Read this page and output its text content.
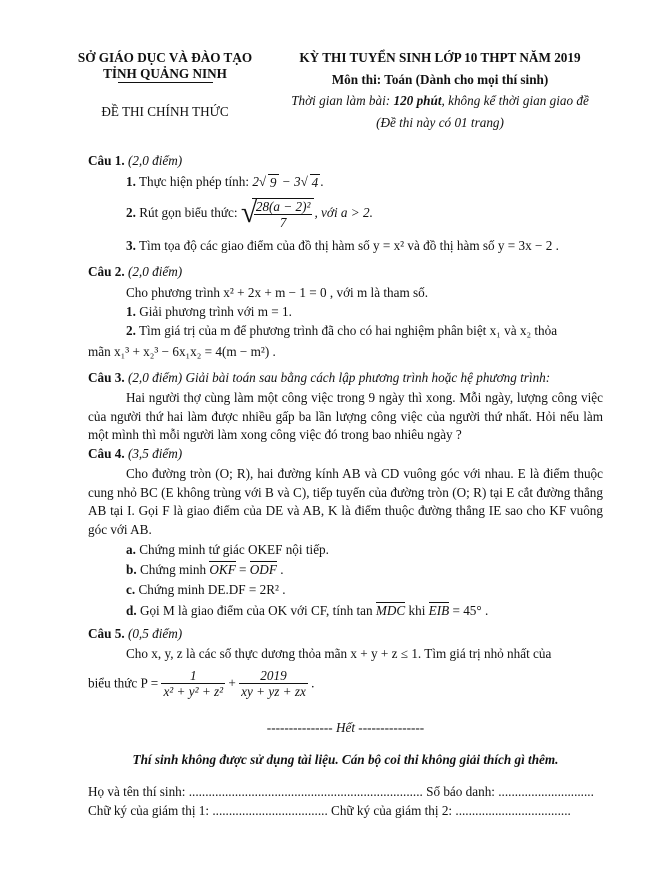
SỞ GIÁO DỤC VÀ ĐÀO TẠO
TỈNH QUẢNG NINH
ĐỀ THI CHÍNH THỨC
KỲ THI TUYỂN SINH LỚP 10 THPT NĂM 2019
Môn thi: Toán (Dành cho mọi thí sinh)
Thời gian làm bài: 120 phút, không kể thời gian giao đề
(Đề thi này có 01 trang)
Câu 1. (2,0 điểm)
1. Thực hiện phép tính: 2 √ 9 − 3 √ 4 .
2. Rút gọn biểu thức: √
$\frac{\text{28(a − 2)²}}{7}$ , với a > 2.
3. Tìm tọa độ các giao điểm của đồ thị hàm số y = x² và đồ thị hàm số y = 3x − 2 .
Câu 2. (2,0 điểm)
Cho phương trình x² + 2x + m − 1 = 0 , với m là tham số.
1. Giải phương trình với m = 1.
2. Tìm giá trị của m để phương trình đã cho có hai nghiệm phân biệt x₁ và x₂ thỏa
mãn x₁³ + x₂³ − 6x₁x₂ = 4(m − m²) .
Câu 3. (2,0 điểm) Giải bài toán sau bằng cách lập phương trình hoặc hệ phương trình:
Hai người thợ cùng làm một công việc trong 9 ngày thì xong. Mỗi ngày, lượng công việc của người thứ hai làm được nhiều gấp ba lần lượng công việc của người thứ nhất. Hỏi nếu làm một mình thì mỗi người làm xong công việc đó trong bao nhiêu ngày ?
Câu 4. (3,5 điểm)
Cho đường tròn (O; R), hai đường kính AB và CD vuông góc với nhau. E là điểm thuộc cung nhỏ BC (E không trùng với B và C), tiếp tuyến của đường tròn (O; R) tại E cắt đường thẳng AB tại I. Gọi F là giao điểm của DE và AB, K là điểm thuộc đường thẳng IE sao cho KF vuông góc với AB.
a. Chứng minh tứ giác OKEF nội tiếp.
b. Chứng minh OKF = ODF .
c. Chứng minh DE.DF = 2R² .
d. Gọi M là giao điểm của OK với CF, tính tan MDC khi EIB = 45° .
Câu 5. (0,5 điểm)
Cho x, y, z là các số thực dương thỏa mãn x + y + z ≤ 1. Tìm giá trị nhỏ nhất của
biểu thức $P = \frac{1}{\text{x² + y² + z²}} + \frac{2019}{xy + yz + zx}$ .
--------------- Hết ---------------
Thí sinh không được sử dụng tài liệu. Cán bộ coi thi không giải thích gì thêm.
Họ và tên thí sinh: ....................................................................... Số báo danh: .............................
Chữ ký của giám thị 1: ................................... Chữ ký của giám thị 2: ...................................
